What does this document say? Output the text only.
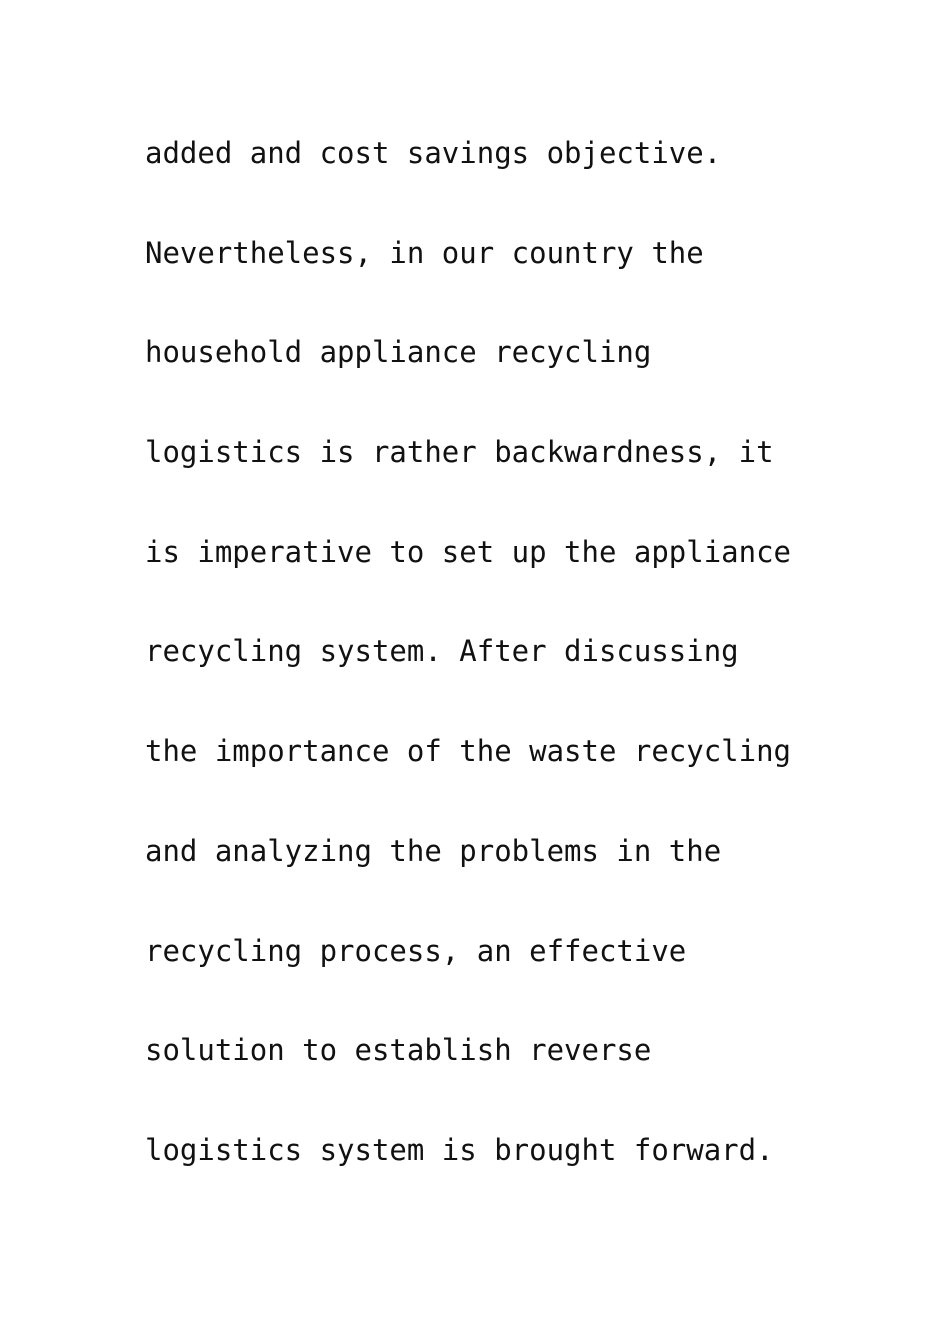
added and cost savings objective.
Nevertheless, in our country the
household appliance recycling
logistics is rather backwardness, it
is imperative to set up the appliance
recycling system. After discussing
the importance of the waste recycling
and analyzing the problems in the
recycling process, an effective
solution to establish reverse
logistics system is brought forward.
